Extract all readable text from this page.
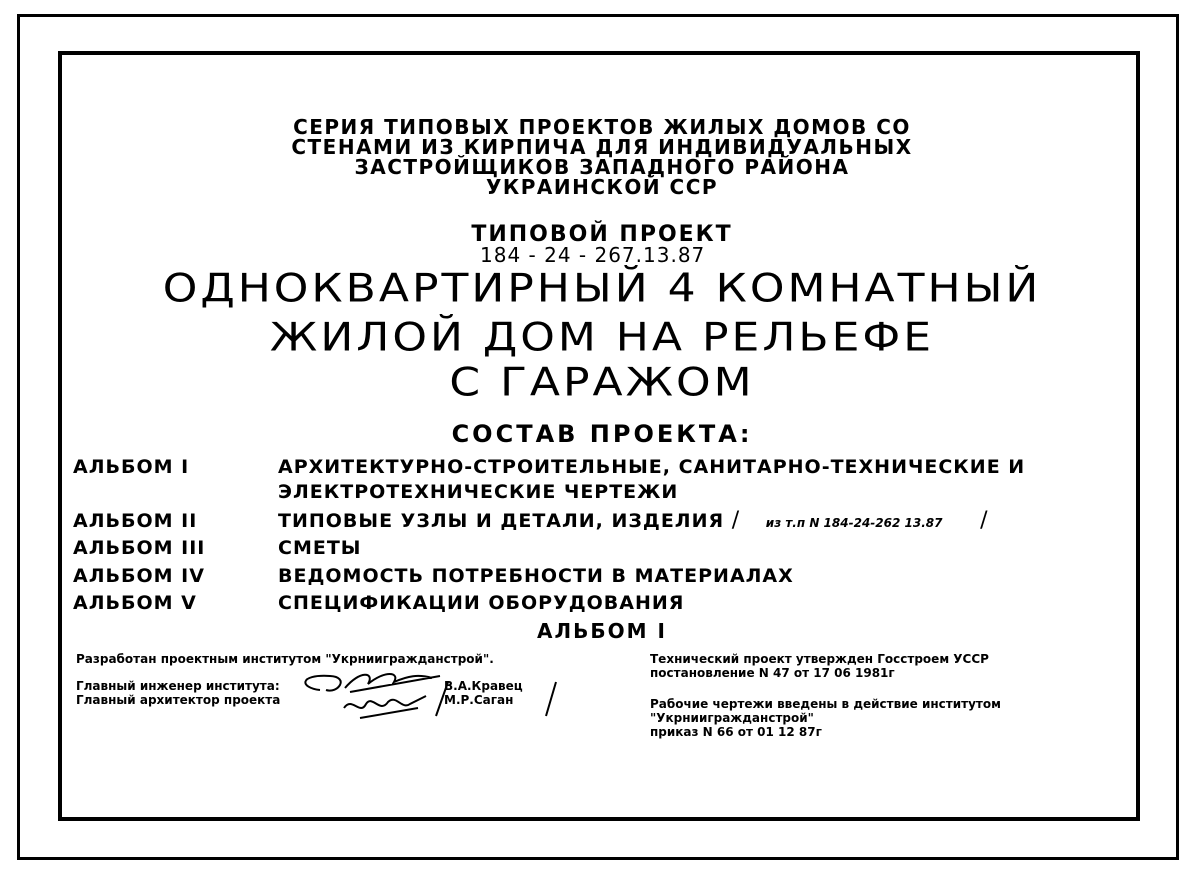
СЕРИЯ ТИПОВЫХ ПРОЕКТОВ ЖИЛЫХ ДОМОВ СО
СТЕНАМИ ИЗ КИРПИЧА ДЛЯ ИНДИВИДУАЛЬНЫХ
ЗАСТРОЙЩИКОВ ЗАПАДНОГО РАЙОНА
УКРАИНСКОЙ ССР
ТИПОВОЙ ПРОЕКТ
184 - 24 - 267.13.87
ОДНОКВАРТИРНЫЙ 4 КОМНАТНЫЙ
ЖИЛОЙ ДОМ НА РЕЛЬЕФЕ
С ГАРАЖОМ
СОСТАВ ПРОЕКТА:
АЛЬБОМ I	АРХИТЕКТУРНО-СТРОИТЕЛЬНЫЕ, САНИТАРНО-ТЕХНИЧЕСКИЕ И
ЭЛЕКТРОТЕХНИЧЕСКИЕ ЧЕРТЕЖИ
АЛЬБОМ II	ТИПОВЫЕ УЗЛЫ И ДЕТАЛИ, ИЗДЕЛИЯ / из т.п N 184-24-262 13.87 /
АЛЬБОМ III	СМЕТЫ
АЛЬБОМ IV	ВЕДОМОСТЬ ПОТРЕБНОСТИ В МАТЕРИАЛАХ
АЛЬБОМ V	СПЕЦИФИКАЦИИ ОБОРУДОВАНИЯ
АЛЬБОМ I
Разработан проектным институтом "Укрниигражданстрой".
Главный инженер института:
Главный архитектор проекта
В.А.Кравец
М.Р.Саган
Технический проект утвержден Госстроем УССР
постановление N 47 от 17 06 1981г
Рабочие чертежи введены в действие институтом
"Укрниигражданстрой"
приказ N 66 от 01 12 87г
